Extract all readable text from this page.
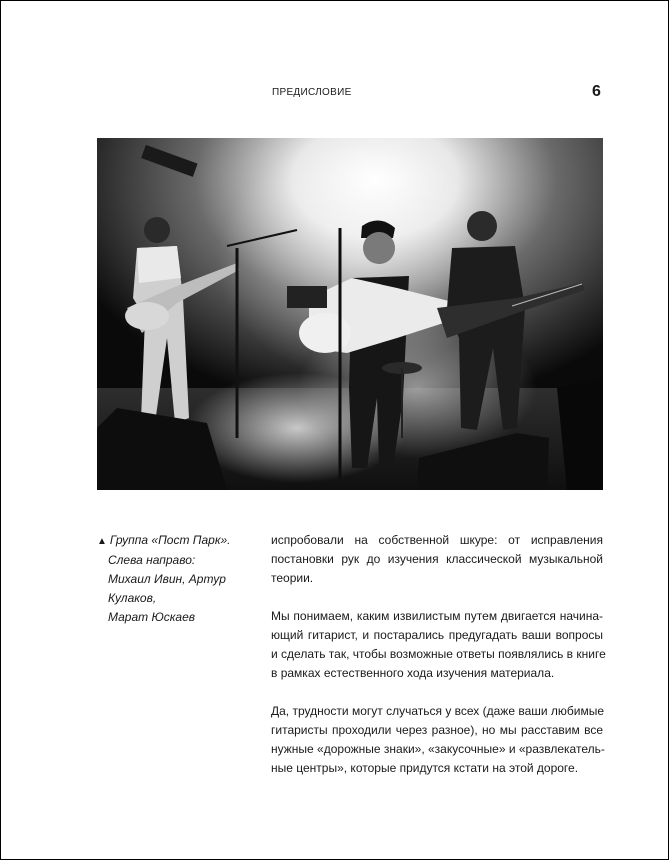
ПРЕДИСЛОВИЕ	6
▲ Группа «Пост Парк».
Слева направо:
Михаил Ивин, Артур Кулаков,
Марат Юскаев

испробовали на собственной шкуре: от исправления
постановки рук до изучения классической музыкальной
теории.

Мы понимаем, каким извилистым путем двигается начина-
ющий гитарист, и постарались предугадать ваши вопросы
и сделать так, чтобы возможные ответы появлялись в книге
в рамках естественного хода изучения материала.

Да, трудности могут случаться у всех (даже ваши любимые
гитаристы проходили через разное), но мы расставим все
нужные «дорожные знаки», «закусочные» и «развлекатель-
ные центры», которые придутся кстати на этой дороге.
